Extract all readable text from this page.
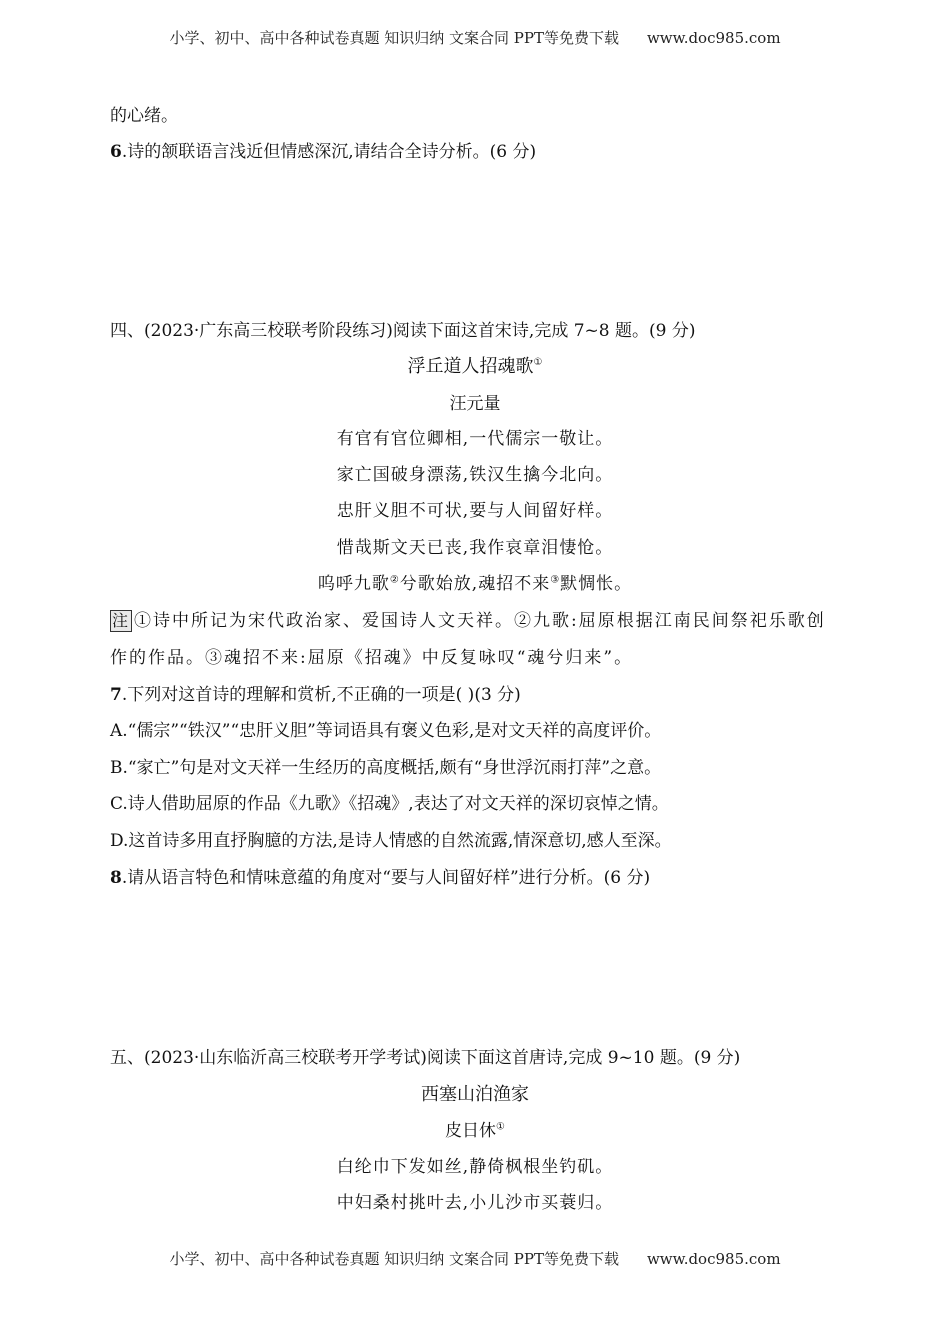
小学、初中、高中各种试卷真题 知识归纳 文案合同 PPT等免费下载 www.doc985.com
的心绪。
6.诗的颔联语言浅近但情感深沉,请结合全诗分析。(6 分)
四、(2023·广东高三校联考阶段练习)阅读下面这首宋诗,完成 7~8 题。(9 分)
浮丘道人招魂歌①
汪元量
有官有官位卿相,一代儒宗一敬让。
家亡国破身漂荡,铁汉生擒今北向。
忠肝义胆不可状,要与人间留好样。
惜哉斯文天已丧,我作哀章泪悽怆。
呜呼九歌②兮歌始放,魂招不来③默惆怅。
注 ①诗中所记为宋代政治家、爱国诗人文天祥。②九歌:屈原根据江南民间祭祀乐歌创
作的作品。③魂招不来:屈原《招魂》中反复咏叹“魂兮归来”。
7.下列对这首诗的理解和赏析,不正确的一项是( )(3 分)
A.“儒宗”“铁汉”“忠肝义胆”等词语具有褒义色彩,是对文天祥的高度评价。
B.“家亡”句是对文天祥一生经历的高度概括,颇有“身世浮沉雨打萍”之意。
C.诗人借助屈原的作品《九歌》《招魂》,表达了对文天祥的深切哀悼之情。
D.这首诗多用直抒胸臆的方法,是诗人情感的自然流露,情深意切,感人至深。
8.请从语言特色和情味意蕴的角度对“要与人间留好样”进行分析。(6 分)
五、(2023·山东临沂高三校联考开学考试)阅读下面这首唐诗,完成 9~10 题。(9 分)
西塞山泊渔家
皮日休①
白纶巾下发如丝,静倚枫根坐钓矶。
中妇桑村挑叶去,小儿沙市买蓑归。
小学、初中、高中各种试卷真题 知识归纳 文案合同 PPT等免费下载 www.doc985.com
